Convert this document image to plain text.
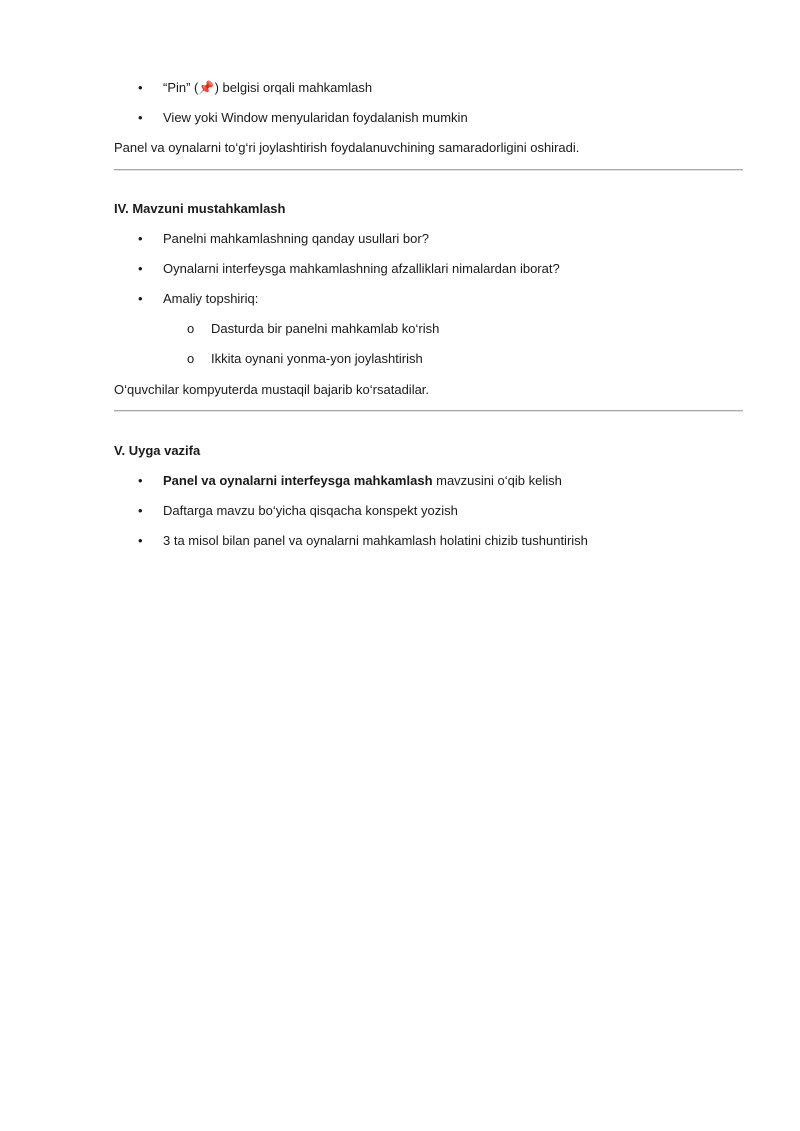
• “Pin” (📌) belgisi orqali mahkamlash
• View yoki Window menyularidan foydalanish mumkin
Panel va oynalarni to‘g‘ri joylashtirish foydalanuvchining samaradorligini oshiradi.
IV. Mavzuni mustahkamlash
• Panelni mahkamlashning qanday usullari bor?
• Oynalarni interfeysga mahkamlashning afzalliklari nimalardan iborat?
• Amaliy topshiriq:
o Dasturda bir panelni mahkamlab ko‘rish
o Ikkita oynani yonma-yon joylashtirish
O‘quvchilar kompyuterda mustaqil bajarib ko‘rsatadilar.
V. Uyga vazifa
• Panel va oynalarni interfeysga mahkamlash mavzusini o‘qib kelish
• Daftarga mavzu bo‘yicha qisqacha konspekt yozish
• 3 ta misol bilan panel va oynalarni mahkamlash holatini chizib tushuntirish
